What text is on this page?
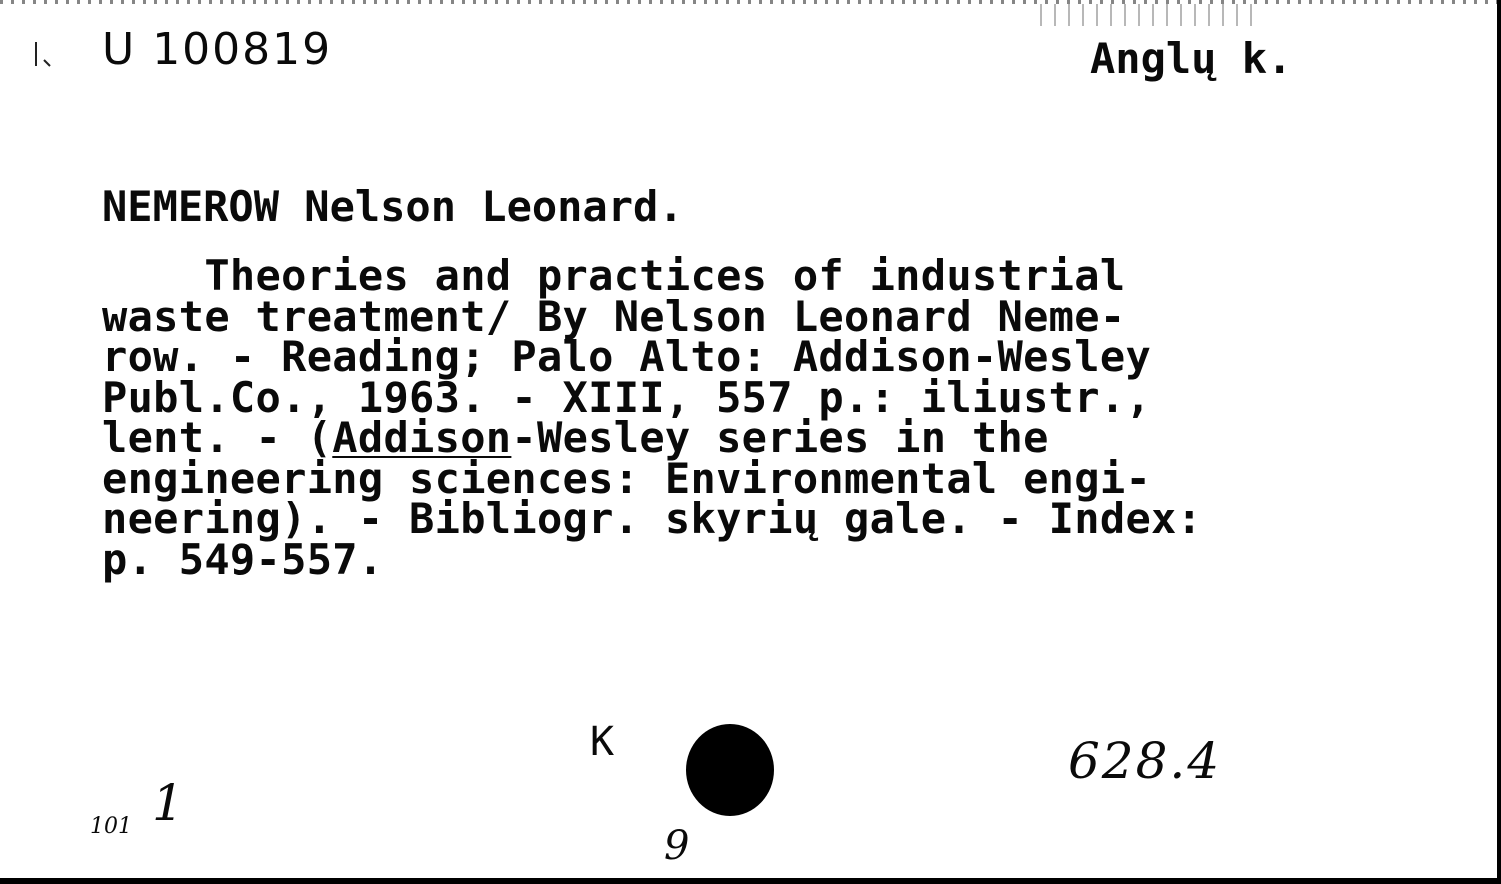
U 100819	Anglų k.
NEMEROW Nelson Leonard.
Theories and practices of industrial
waste treatment/ By Nelson Leonard Neme-
row. - Reading; Palo Alto: Addison-Wesley
Publ.Co., 1963. - XIII, 557 p.: iliustr.,
lent. - (Addison-Wesley series in the
engineering sciences: Environmental engi-
neering). - Bibliogr. skyrių gale. - Index:
p. 549-557.
K	628.4
101 1
9
